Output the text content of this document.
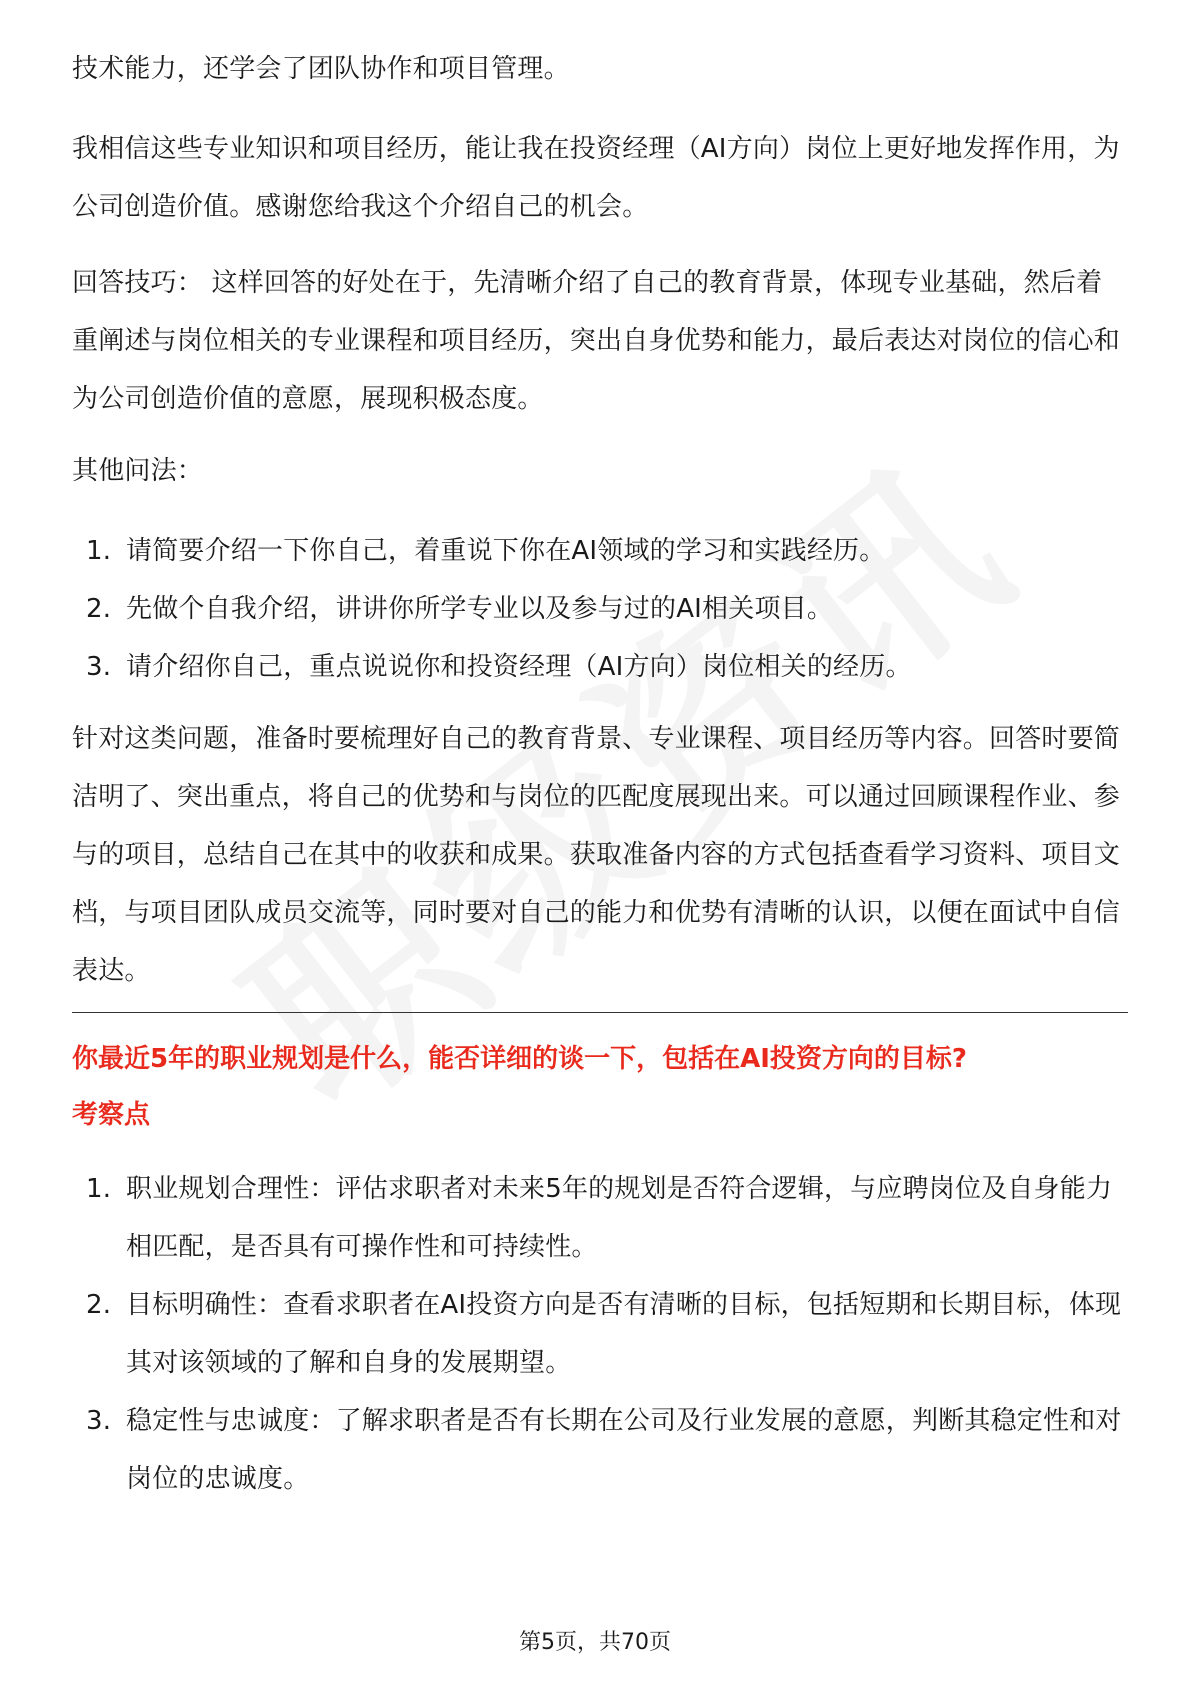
技术能力，还学会了团队协作和项目管理。

我相信这些专业知识和项目经历，能让我在投资经理（AI方向）岗位上更好地发挥作用，为公司创造价值。感谢您给我这个介绍自己的机会。

回答技巧： 这样回答的好处在于，先清晰介绍了自己的教育背景，体现专业基础，然后着重阐述与岗位相关的专业课程和项目经历，突出自身优势和能力，最后表达对岗位的信心和为公司创造价值的意愿，展现积极态度。

其他问法：

1. 请简要介绍一下你自己，着重说下你在AI领域的学习和实践经历。
2. 先做个自我介绍，讲讲你所学专业以及参与过的AI相关项目。
3. 请介绍你自己，重点说说你和投资经理（AI方向）岗位相关的经历。

针对这类问题，准备时要梳理好自己的教育背景、专业课程、项目经历等内容。回答时要简洁明了、突出重点，将自己的优势和与岗位的匹配度展现出来。可以通过回顾课程作业、参与的项目，总结自己在其中的收获和成果。获取准备内容的方式包括查看学习资料、项目文档，与项目团队成员交流等，同时要对自己的能力和优势有清晰的认识，以便在面试中自信表达。

你最近5年的职业规划是什么，能否详细的谈一下，包括在AI投资方向的目标?

考察点

1. 职业规划合理性：评估求职者对未来5年的规划是否符合逻辑，与应聘岗位及自身能力相匹配，是否具有可操作性和可持续性。
2. 目标明确性：查看求职者在AI投资方向是否有清晰的目标，包括短期和长期目标，体现其对该领域的了解和自身的发展期望。
3. 稳定性与忠诚度：了解求职者是否有长期在公司及行业发展的意愿，判断其稳定性和对岗位的忠诚度。
第5页，共70页
